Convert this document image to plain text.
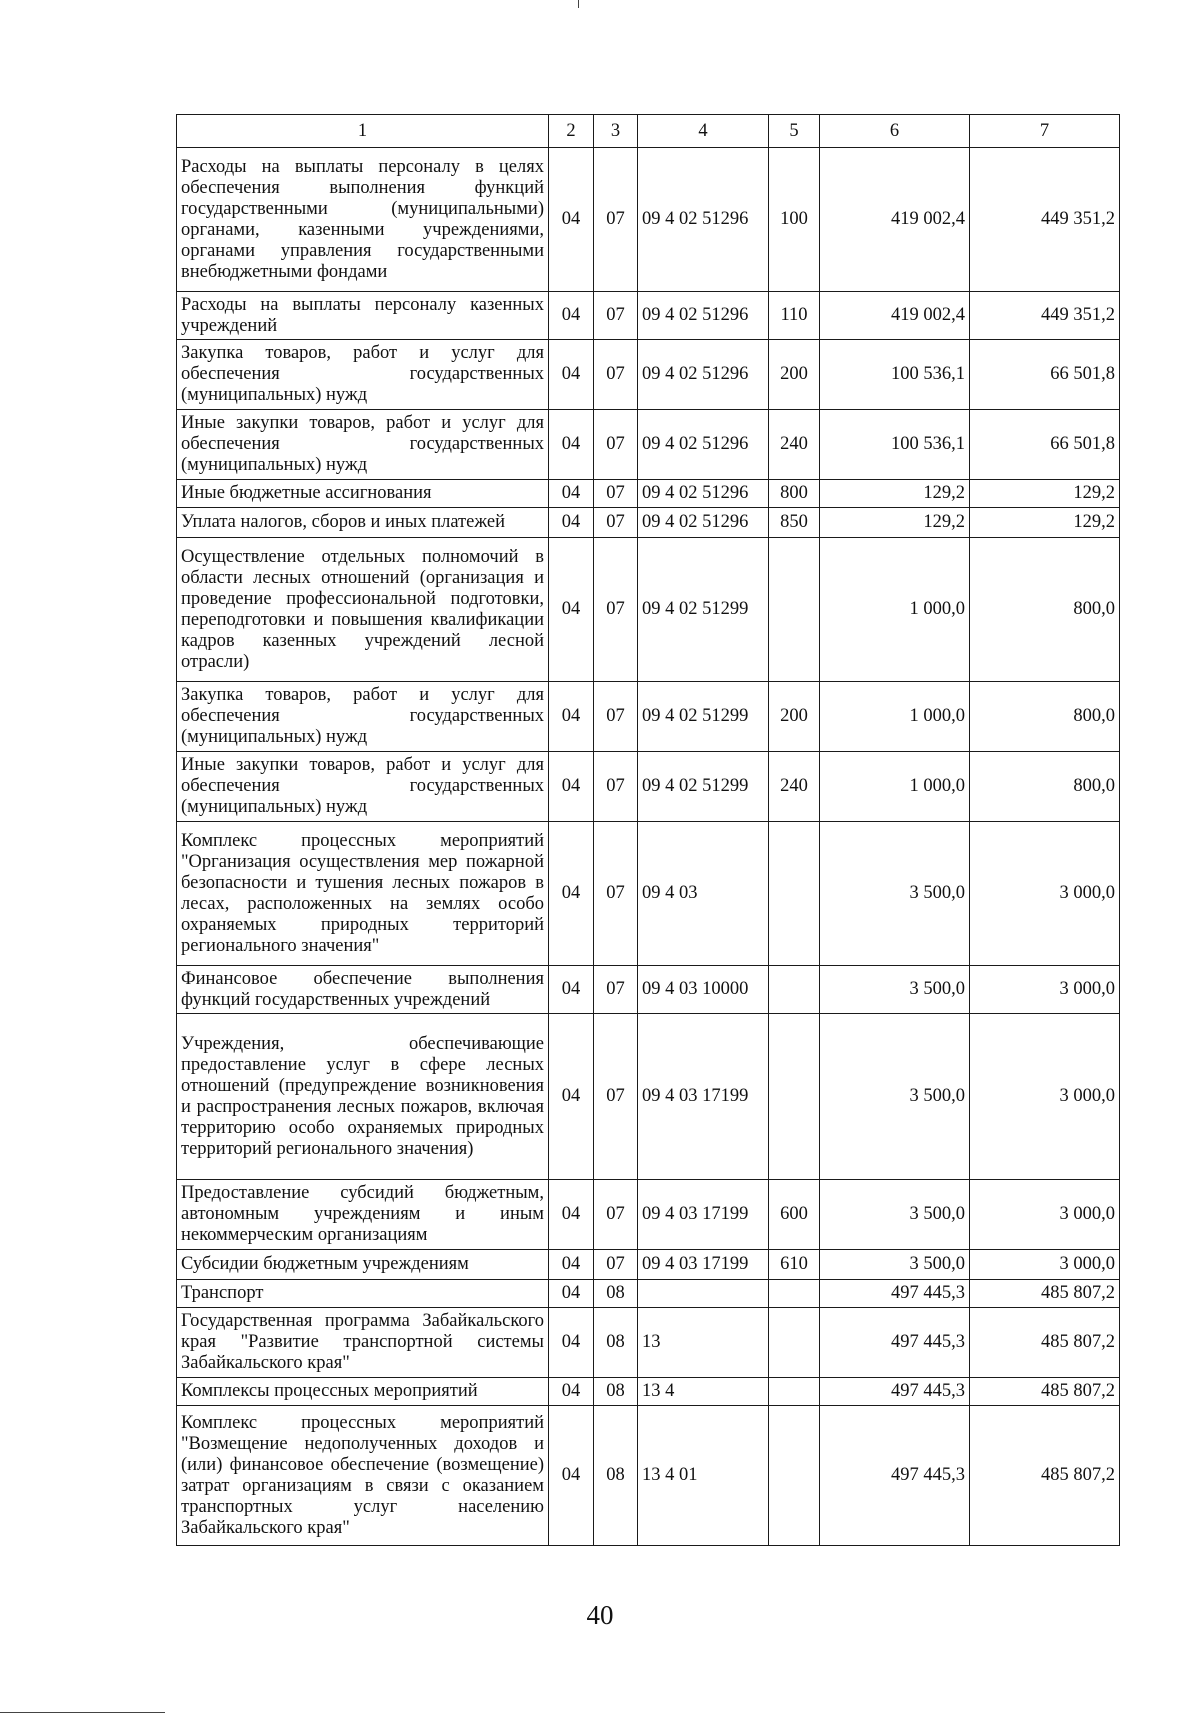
1	2	3	4	5	6	7
Расходы на выплаты персоналу в целях обеспечения выполнения функций государственными (муниципальными) органами, казенными учреждениями, органами управления государственными внебюджетными фондами	04	07	09 4 02 51296	100	419 002,4	449 351,2
Расходы на выплаты персоналу казенных учреждений	04	07	09 4 02 51296	110	419 002,4	449 351,2
Закупка товаров, работ и услуг для обеспечения государственных (муниципальных) нужд	04	07	09 4 02 51296	200	100 536,1	66 501,8
Иные закупки товаров, работ и услуг для обеспечения государственных (муниципальных) нужд	04	07	09 4 02 51296	240	100 536,1	66 501,8
Иные бюджетные ассигнования	04	07	09 4 02 51296	800	129,2	129,2
Уплата налогов, сборов и иных платежей	04	07	09 4 02 51296	850	129,2	129,2
Осуществление отдельных полномочий в области лесных отношений (организация и проведение профессиональной подготовки, переподготовки и повышения квалификации кадров казенных учреждений лесной отрасли)	04	07	09 4 02 51299		1 000,0	800,0
Закупка товаров, работ и услуг для обеспечения государственных (муниципальных) нужд	04	07	09 4 02 51299	200	1 000,0	800,0
Иные закупки товаров, работ и услуг для обеспечения государственных (муниципальных) нужд	04	07	09 4 02 51299	240	1 000,0	800,0
Комплекс процессных мероприятий "Организация осуществления мер пожарной безопасности и тушения лесных пожаров в лесах, расположенных на землях особо охраняемых природных территорий регионального значения"	04	07	09 4 03		3 500,0	3 000,0
Финансовое обеспечение выполнения функций государственных учреждений	04	07	09 4 03 10000		3 500,0	3 000,0
Учреждения, обеспечивающие предоставление услуг в сфере лесных отношений (предупреждение возникновения и распространения лесных пожаров, включая территорию особо охраняемых природных территорий регионального значения)	04	07	09 4 03 17199		3 500,0	3 000,0
Предоставление субсидий бюджетным, автономным учреждениям и иным некоммерческим организациям	04	07	09 4 03 17199	600	3 500,0	3 000,0
Субсидии бюджетным учреждениям	04	07	09 4 03 17199	610	3 500,0	3 000,0
Транспорт	04	08			497 445,3	485 807,2
Государственная программа Забайкальского края "Развитие транспортной системы Забайкальского края"	04	08	13		497 445,3	485 807,2
Комплексы процессных мероприятий	04	08	13 4		497 445,3	485 807,2
Комплекс процессных мероприятий "Возмещение недополученных доходов и (или) финансовое обеспечение (возмещение) затрат организациям в связи с оказанием транспортных услуг населению Забайкальского края"	04	08	13 4 01		497 445,3	485 807,2
40
